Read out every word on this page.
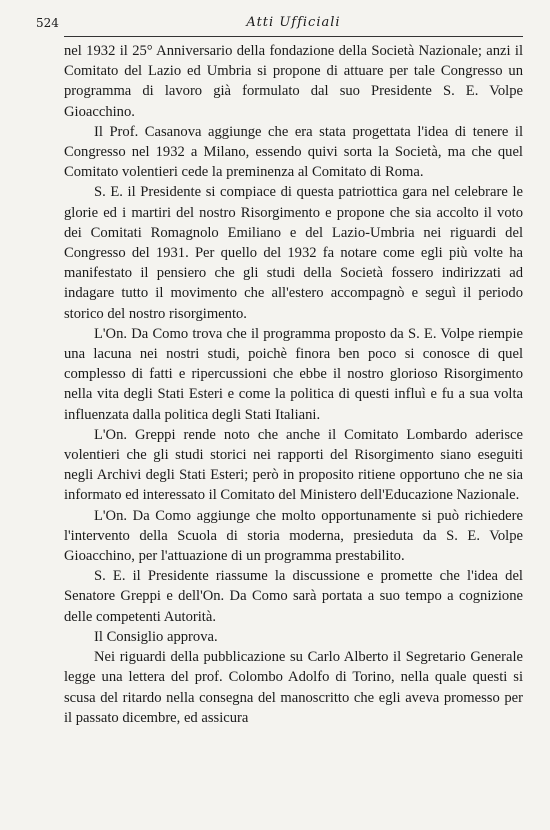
524	Atti Ufficiali

nel 1932 il 25° Anniversario della fondazione della Società Nazionale; anzi il Comitato del Lazio ed Umbria si propone di attuare per tale Congresso un programma di lavoro già formulato dal suo Presidente S. E. Volpe Gioacchino.

Il Prof. Casanova aggiunge che era stata progettata l'idea di tenere il Congresso nel 1932 a Milano, essendo quivi sorta la Società, ma che quel Comitato volentieri cede la preminenza al Comitato di Roma.

S. E. il Presidente si compiace di questa patriottica gara nel celebrare le glorie ed i martiri del nostro Risorgimento e propone che sia accolto il voto dei Comitati Romagnolo Emiliano e del Lazio-Umbria nei riguardi del Congresso del 1931. Per quello del 1932 fa notare come egli più volte ha manifestato il pensiero che gli studi della Società fossero indirizzati ad indagare tutto il movimento che all'estero accompagnò e seguì il periodo storico del nostro risorgimento.

L'On. Da Como trova che il programma proposto da S. E. Volpe riempie una lacuna nei nostri studi, poichè finora ben poco si conosce di quel complesso di fatti e ripercussioni che ebbe il nostro glorioso Risorgimento nella vita degli Stati Esteri e come la politica di questi influì e fu a sua volta influenzata dalla politica degli Stati Italiani.

L'On. Greppi rende noto che anche il Comitato Lombardo aderisce volentieri che gli studi storici nei rapporti del Risorgimento siano eseguiti negli Archivi degli Stati Esteri; però in proposito ritiene opportuno che ne sia informato ed interessato il Comitato del Ministero dell'Educazione Nazionale.

L'On. Da Como aggiunge che molto opportunamente si può richiedere l'intervento della Scuola di storia moderna, presieduta da S. E. Volpe Gioacchino, per l'attuazione di un programma prestabilito.

S. E. il Presidente riassume la discussione e promette che l'idea del Senatore Greppi e dell'On. Da Como sarà portata a suo tempo a cognizione delle competenti Autorità.

Il Consiglio approva.

Nei riguardi della pubblicazione su Carlo Alberto il Segretario Generale legge una lettera del prof. Colombo Adolfo di Torino, nella quale questi si scusa del ritardo nella consegna del manoscritto che egli aveva promesso per il passato dicembre, ed assicura
